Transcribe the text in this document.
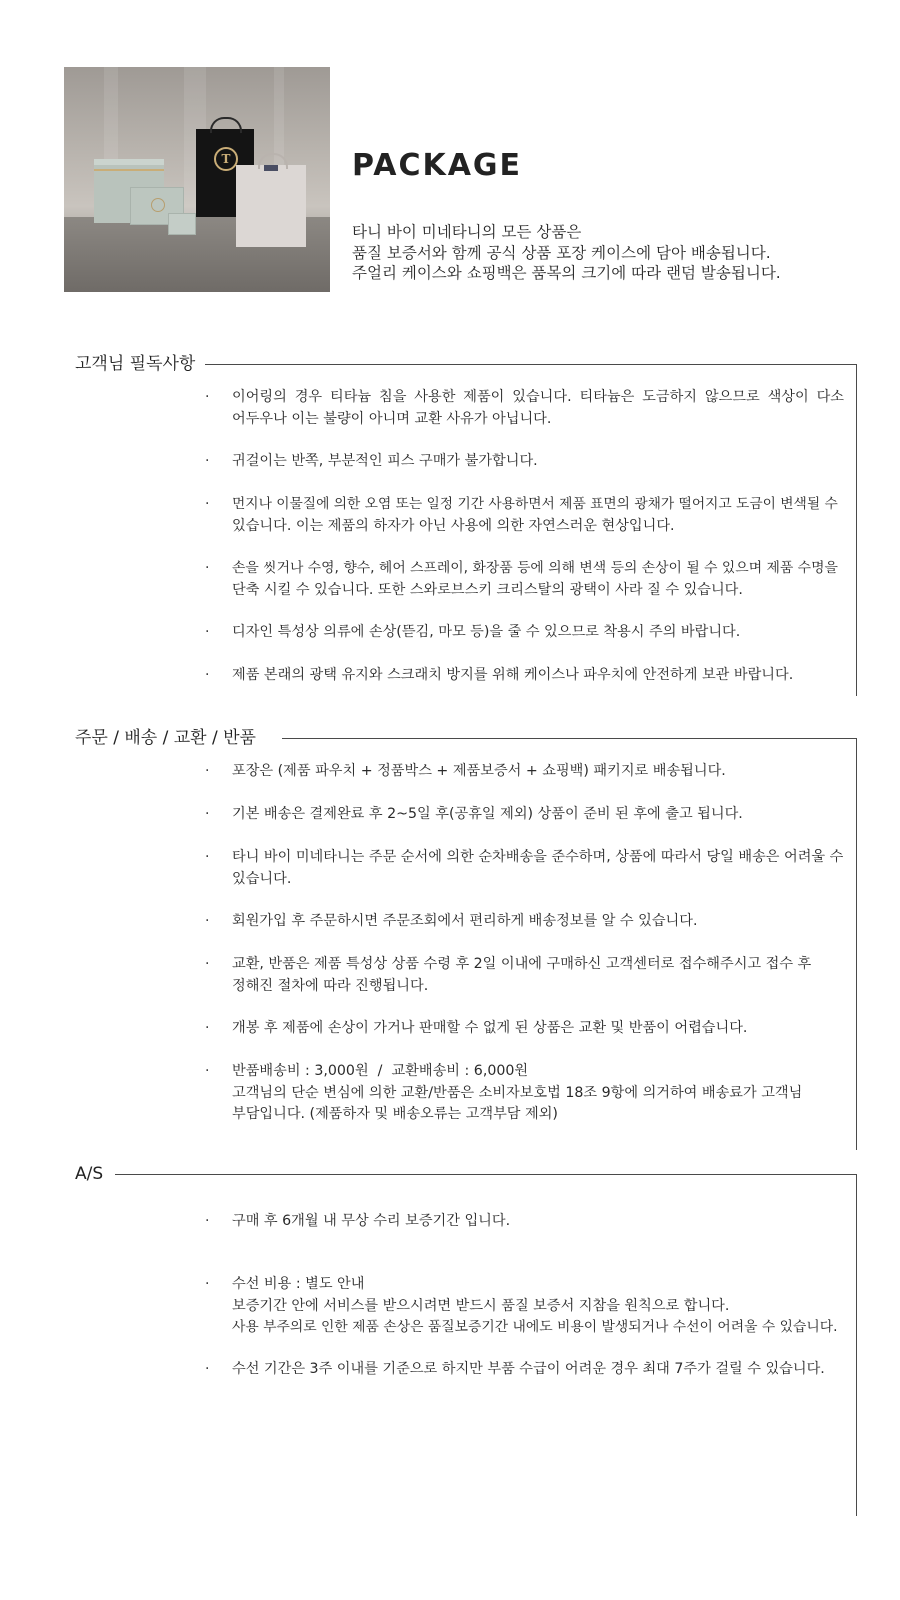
T	PACKAGE
타니 바이 미네타니의 모든 상품은
품질 보증서와 함께 공식 상품 포장 케이스에 담아 배송됩니다.
주얼리 케이스와 쇼핑백은 품목의 크기에 따라 랜덤 발송됩니다.
고객님 필독사항
· 이어링의 경우 티타늄 침을 사용한 제품이 있습니다. 티타늄은 도금하지 않으므로 색상이 다소
어두우나 이는 불량이 아니며 교환 사유가 아닙니다.
· 귀걸이는 반쪽, 부분적인 피스 구매가 불가합니다.
· 먼지나 이물질에 의한 오염 또는 일정 기간 사용하면서 제품 표면의 광채가 떨어지고 도금이 변색될 수
있습니다. 이는 제품의 하자가 아닌 사용에 의한 자연스러운 현상입니다.
· 손을 씻거나 수영, 향수, 헤어 스프레이, 화장품 등에 의해 변색 등의 손상이 될 수 있으며 제품 수명을
단축 시킬 수 있습니다. 또한 스와로브스키 크리스탈의 광택이 사라 질 수 있습니다.
· 디자인 특성상 의류에 손상(뜯김, 마모 등)을 줄 수 있으므로 착용시 주의 바랍니다.
· 제품 본래의 광택 유지와 스크래치 방지를 위해 케이스나 파우치에 안전하게 보관 바랍니다.
주문 / 배송 / 교환 / 반품
· 포장은 (제품 파우치 + 정품박스 + 제품보증서 + 쇼핑백) 패키지로 배송됩니다.
· 기본 배송은 결제완료 후 2~5일 후(공휴일 제외) 상품이 준비 된 후에 출고 됩니다.
· 타니 바이 미네타니는 주문 순서에 의한 순차배송을 준수하며, 상품에 따라서 당일 배송은 어려울 수
있습니다.
· 회원가입 후 주문하시면 주문조회에서 편리하게 배송정보를 알 수 있습니다.
· 교환, 반품은 제품 특성상 상품 수령 후 2일 이내에 구매하신 고객센터로 접수해주시고 접수 후
정해진 절차에 따라 진행됩니다.
· 개봉 후 제품에 손상이 가거나 판매할 수 없게 된 상품은 교환 및 반품이 어렵습니다.
· 반품배송비 : 3,000원  /  교환배송비 : 6,000원
고객님의 단순 변심에 의한 교환/반품은 소비자보호법 18조 9항에 의거하여 배송료가 고객님
부담입니다. (제품하자 및 배송오류는 고객부담 제외)
A/S
· 구매 후 6개월 내 무상 수리 보증기간 입니다.
· 수선 비용 : 별도 안내
보증기간 안에 서비스를 받으시려면 받드시 품질 보증서 지참을 원칙으로 합니다.
사용 부주의로 인한 제품 손상은 품질보증기간 내에도 비용이 발생되거나 수선이 어려울 수 있습니다.
· 수선 기간은 3주 이내를 기준으로 하지만 부품 수급이 어려운 경우 최대 7주가 걸릴 수 있습니다.
